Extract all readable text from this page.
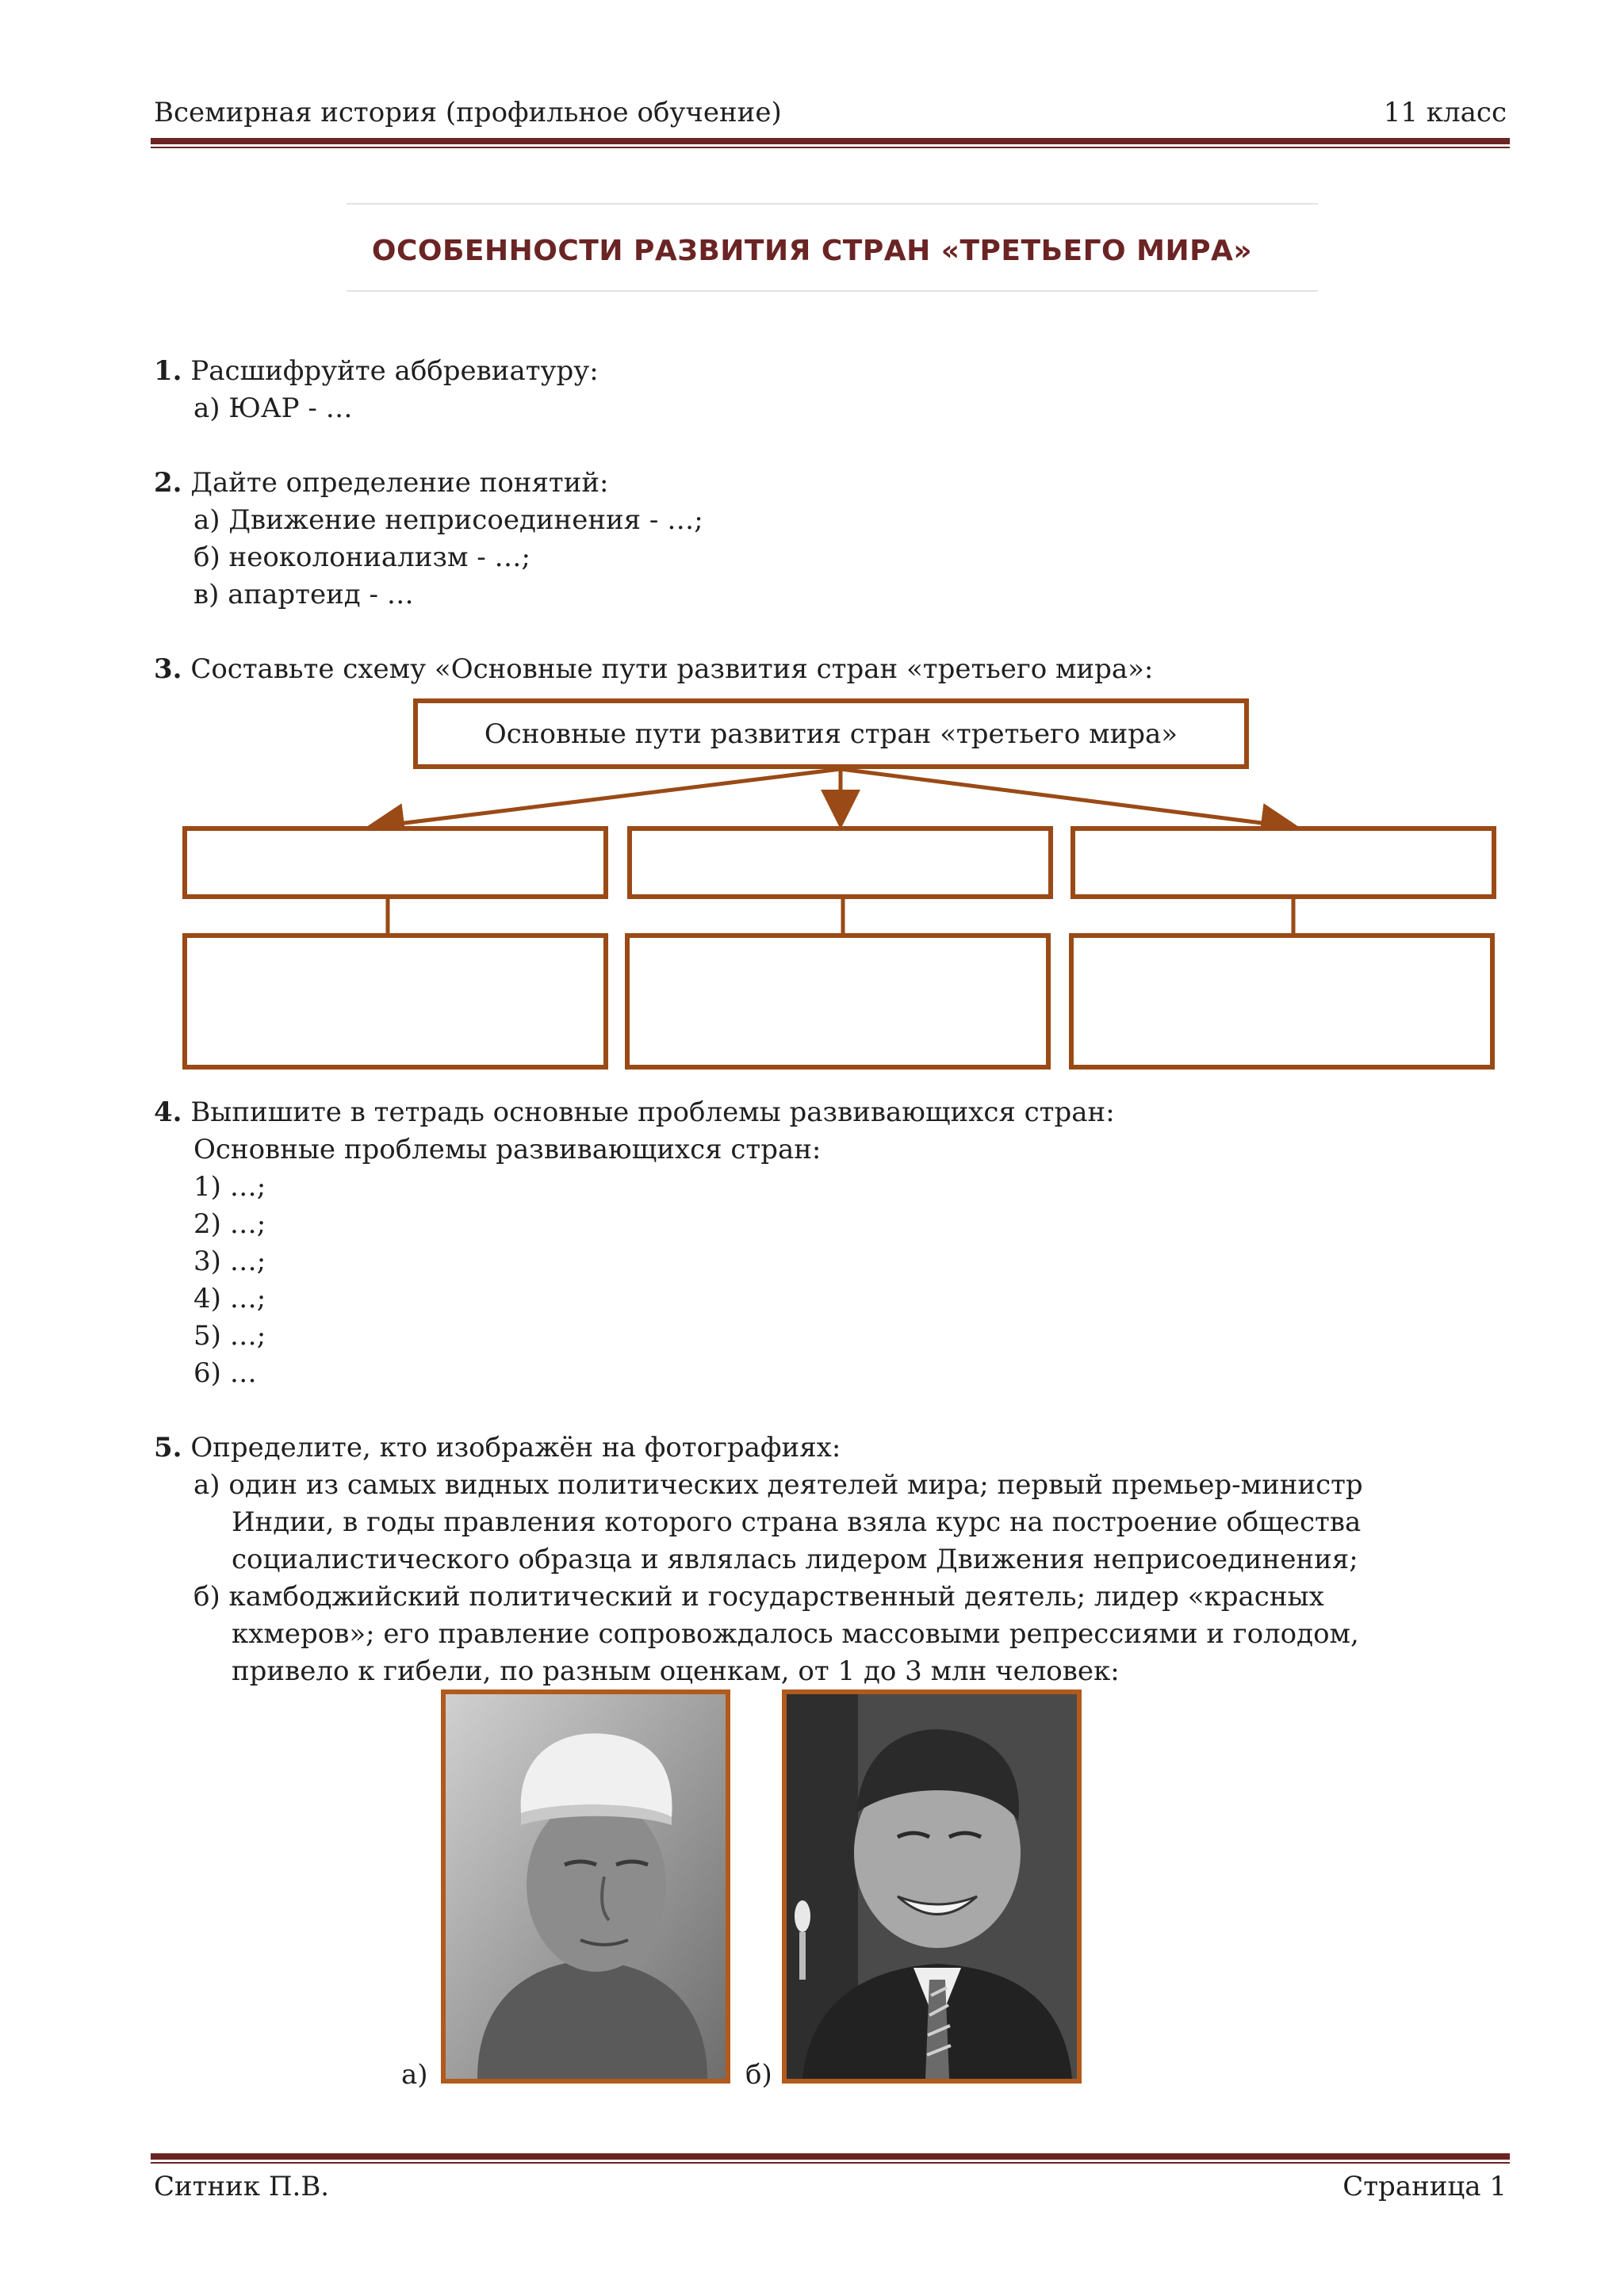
Всемирная история (профильное обучение)	11 класс
ОСОБЕННОСТИ РАЗВИТИЯ СТРАН «ТРЕТЬЕГО МИРА»

1. Расшифруйте аббревиатуру:

а) ЮАР - …

2. Дайте определение понятий:

а) Движение неприсоединения - …;

б) неоколониализм - …;

в) апартеид - …

3. Составьте схему «Основные пути развития стран «третьего мира»:

Основные пути развития стран «третьего мира»

4. Выпишите в тетрадь основные проблемы развивающихся стран:

Основные проблемы развивающихся стран:

1) …;

2) …;

3) …;

4) …;

5) …;

6) …

5. Определите, кто изображён на фотографиях:

а) один из самых видных политических деятелей мира; первый премьер-министр Индии, в годы правления которого страна взяла курс на построение общества социалистического образца и являлась лидером Движения неприсоединения;

б) камбоджийский политический и государственный деятель; лидер «красных кхмеров»; его правление сопровождалось массовыми репрессиями и голодом, привело к гибели, по разным оценкам, от 1 до 3 млн человек:

а)	б)
Ситник П.В.	Страница 1
